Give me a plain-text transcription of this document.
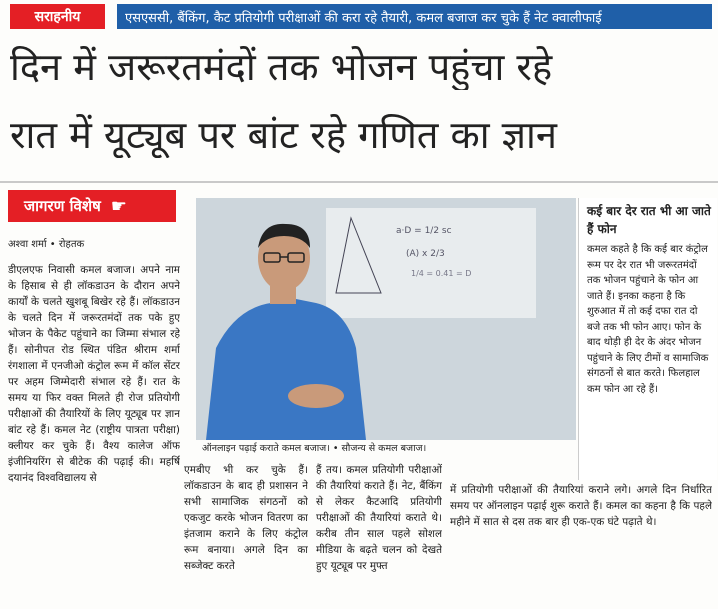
सराहनीय	एसएससी, बैंकिंग, कैट प्रतियोगी परीक्षाओं की करा रहे तैयारी, कमल बजाज कर चुके हैं नेट क्वालीफाई
दिन में जरूरतमंदों तक भोजन पहुंचा रहे
रात में यूट्यूब पर बांट रहे गणित का ज्ञान
जागरण विशेष ☛
अश्वा शर्मा • रोहतक
डीएलएफ निवासी कमल बजाज। अपने नाम के हिसाब से ही लॉकडाउन के दौरान अपने कार्यों के चलते खुशबू बिखेर रहे हैं। लॉकडाउन के चलते दिन में जरूरतमंदों तक पके हुए भोजन के पैकेट पहुंचाने का जिम्मा संभाल रहे हैं। सोनीपत रोड स्थित पंडित श्रीराम शर्मा रंगशाला में एनजीओ कंट्रोल रूम में कॉल सेंटर पर अहम जिम्मेदारी संभाल रहे हैं। रात के समय या फिर वक्त मिलते ही रोज प्रतियोगी परीक्षाओं की तैयारियों के लिए यूट्यूब पर ज्ञान बांट रहे हैं। कमल नेट (राष्ट्रीय पात्रता परीक्षा) क्लीयर कर चुके हैं। वैश्य कालेज ऑफ इंजीनियरिंग से बीटेक की पढ़ाई की। महर्षि दयानंद विश्वविद्यालय से
a·D = 1/2 sc
(A) x 2/3
1/4 = 0.41 = D
ऑनलाइन पढ़ाई कराते कमल बजाज। • सौजन्य से कमल बजाज।
कई बार देर रात भी आ जाते हैं फोन

कमल कहते है कि कई बार कंट्रोल रूम पर देर रात भी जरूरतमंदों तक भोजन पहुंचाने के फोन आ जाते हैं। इनका कहना है कि शुरुआत में तो कई दफा रात दो बजे तक भी फोन आए। फोन के बाद थोड़ी ही देर के अंदर भोजन पहुंचाने के लिए टीमों व सामाजिक संगठनों से बात करते। फिलहाल कम फोन आ रहे हैं।

एमबीए भी कर चुके हैं। लॉकडाउन के बाद ही प्रशासन ने सभी सामाजिक संगठनों को एकजुट करके भोजन वितरण का इंतजाम कराने के लिए कंट्रोल रूम बनाया। अगले दिन का सब्जेक्ट करते
हैं तय। कमल प्रतियोगी परीक्षाओं की तैयारियां कराते हैं। नेट, बैंकिंग से लेकर कैटआदि प्रतियोगी परीक्षाओं की तैयारियां कराते थे। करीब तीन साल पहले सोशल मीडिया के बढ़ते चलन को देखते हुए यूट्यूब पर मुफ्त
में प्रतियोगी परीक्षाओं की तैयारियां कराने लगे। अगले दिन निर्धारित समय पर ऑनलाइन पढ़ाई शुरू कराते हैं। कमल का कहना है कि पहले महीने में सात से दस तक बार ही एक-एक घंटे पढ़ाते थे।
